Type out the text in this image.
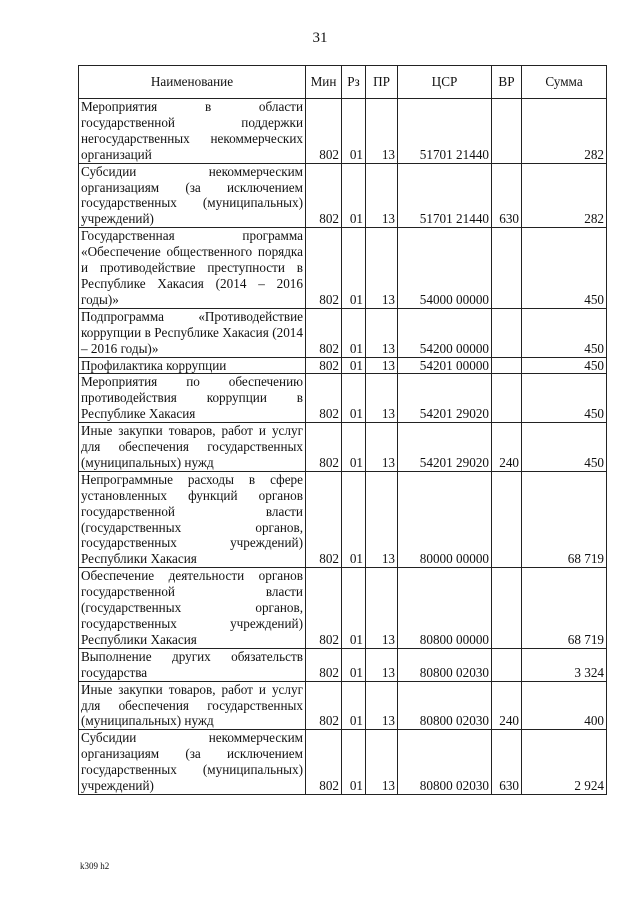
31
Наименование	Мин	Рз	ПР	ЦСР	ВР	Сумма
Мероприятия в области государственной поддержки негосударственных некоммерческих организаций	802	01	13	51701 21440		282
Субсидии некоммерческим организациям (за исключением государственных (муниципальных) учреждений)	802	01	13	51701 21440	630	282
Государственная программа «Обеспечение общественного порядка и противодействие преступности в Республике Хакасия (2014 – 2016 годы)»	802	01	13	54000 00000		450
Подпрограмма «Противодействие коррупции в Республике Хакасия (2014 – 2016 годы)»	802	01	13	54200 00000		450
Профилактика коррупции	802	01	13	54201 00000		450
Мероприятия по обеспечению противодействия коррупции в Республике Хакасия	802	01	13	54201 29020		450
Иные закупки товаров, работ и услуг для обеспечения государственных (муниципальных) нужд	802	01	13	54201 29020	240	450
Непрограммные расходы в сфере установленных функций органов государственной власти (государственных органов, государственных учреждений) Республики Хакасия	802	01	13	80000 00000		68 719
Обеспечение деятельности органов государственной власти (государственных органов, государственных учреждений) Республики Хакасия	802	01	13	80800 00000		68 719
Выполнение других обязательств государства	802	01	13	80800 02030		3 324
Иные закупки товаров, работ и услуг для обеспечения государственных (муниципальных) нужд	802	01	13	80800 02030	240	400
Субсидии некоммерческим организациям (за исключением государственных (муниципальных) учреждений)	802	01	13	80800 02030	630	2 924
k309 h2
